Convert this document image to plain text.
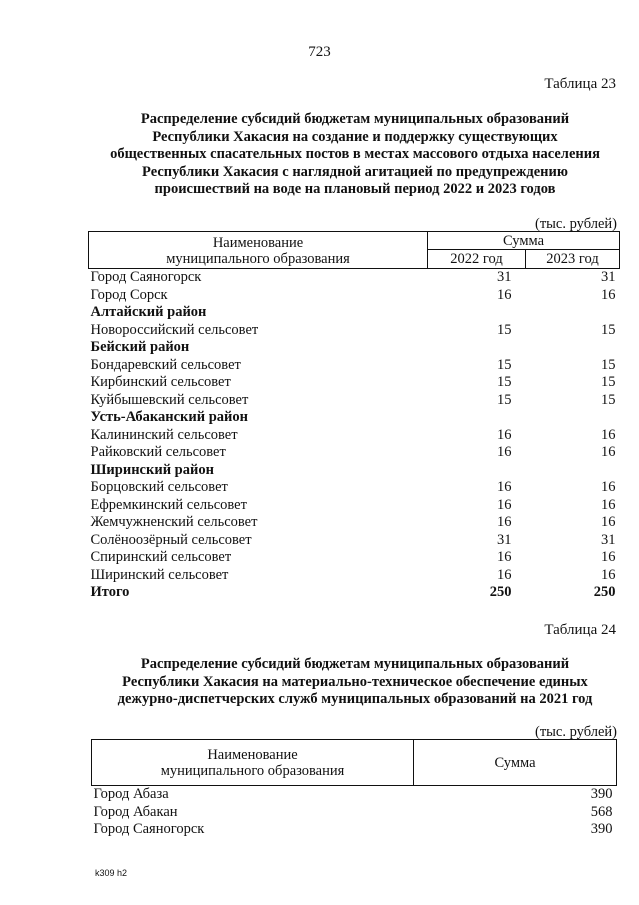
723
Таблица 23
Распределение субсидий бюджетам муниципальных образований
Республики Хакасия на создание и поддержку существующих
общественных спасательных постов в местах массового отдыха населения
Республики Хакасия с наглядной агитацией по предупреждению
происшествий на воде на плановый период 2022 и 2023 годов
(тыс. рублей)
Наименование
муниципального образования	Сумма	
	2022 год	2023 год
Город Саяногорск	31	31
Город Сорск	16	16
Алтайский район		
Новороссийский сельсовет	15	15
Бейский район		
Бондаревский сельсовет	15	15
Кирбинский сельсовет	15	15
Куйбышевский сельсовет	15	15
Усть-Абаканский район		
Калининский сельсовет	16	16
Райковский сельсовет	16	16
Ширинский район		
Борцовский сельсовет	16	16
Ефремкинский сельсовет	16	16
Жемчужненский сельсовет	16	16
Солёноозёрный сельсовет	31	31
Спиринский сельсовет	16	16
Ширинский сельсовет	16	16
Итого	250	250
Таблица 24
Распределение субсидий бюджетам муниципальных образований
Республики Хакасия на материально-техническое обеспечение единых
дежурно-диспетчерских служб муниципальных образований на 2021 год
(тыс. рублей)
Наименование
муниципального образования	Сумма
Город Абаза	390
Город Абакан	568
Город Саяногорск	390
k309 h2
